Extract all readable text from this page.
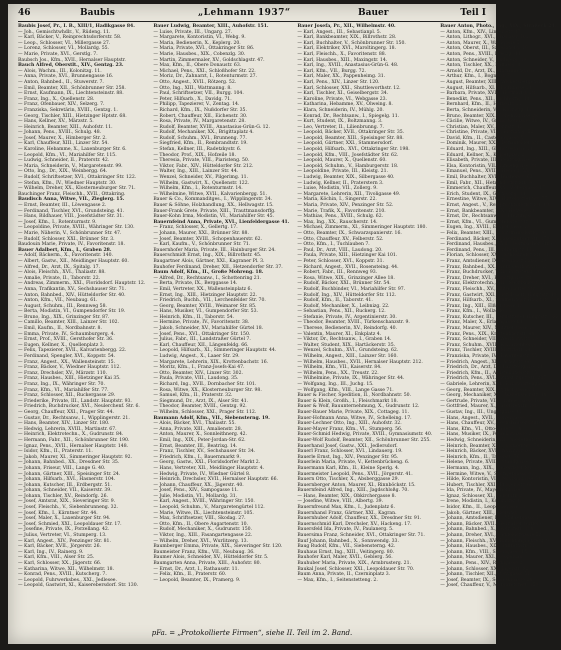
46	Baubis	„Lehmann 1937“	Bauer	Teil I
Baubis Josef, Pr., I. B., XIII/1, Hadikgasse 84.
— Joh., Gemischtwhdlr., V., Rüdeng. 11.
— Karl, Bäcker, V., Reinprechtsdorferstr. 58.
— Leop., Schlosser, VI., Millergasse 27.
— Lorenz, Schlosser, VI., Mollardg. 55.
— Marie, Private, XVI., Gerstlg. 7.
Baubsch Jos., Kfm., XVII., Hernalser Hauptstr.
Bauch Alfred, Oberstlt., XIV., Gentzg. 23.
— Alois, Wachm., III., Kolonitzg. 11.
— Anna, Private, XVI., Brunnengasse 16.
— Anton, Bahnbed., II., Stuwerstr. 7.
— Emil, Beamter, XII., Schönbrunner Str. 258.
— Ernst, Kaufmann, IX., Liechtensteinstr. 88.
— Franz, Ing., X., Quellenstr. 28.
— Franz, Ofenbauer, XIV., Selzerg. 7.
— Franziska, Sekretärin, XVIII., Gentzg. 1.
— Georg, Tischler, XIII., Hietzinger Hptstr. 68.
— Hans, Kellner, XV., Märzstr. 5.
— Heinrich, Beamter, XIII., Auhofstr. 11.
— Johann, Pens., XVIII., Schulg. 48.
— Josef, Maurer, X., Himberger Str. 2.
— Karl, Chauffeur, XIII., Linzer Str. 54.
— Karoline, Hebamme, X., Laxenburger Str. 6.
— Leopold, Kfm., VI., Mariahilfer Str. 115.
— Ludwig, Schneider, II., Praterstr. 42.
— Maria, Schneiderin, V., Margaretenstr. 99.
— Otto, Ing., Dr., XIX., Weinbergg. 64.
— Rudolf, Schriftsetzer, XVI., Ottakringer Str. 122.
— Stefan, Kfm., IV., Wiedner Hauptstr. 30.
— Wilhelm, Dreher, XX., Klosterneuburger Str. 71.
Bauchinger Franz, Fleischh., XVII., Ottakring.
Baudisch Anna, Witwe, VII., Zieglerg. 15.
— Ernst, Beamter, III., Löwengasse 2.
— Ferdinand, Tischler, XVI., Grundsteing. 41.
— Hans, Bildhauer, VIII., Josefstädter Str. 31.
— Josef, Kfm., I., Rotenturmstr. 9.
— Leopoldine, Private, XVIII., Währinger Str. 130.
— Marie, Näherin, V., Schönbrunner Str. 47.
— Rudolf, Schlosser, XXI., Brünner Str. 3.
Baudouin Marie, Private, IV., Favoritenstr. 18.
Bauer Adalbert, Kfm., I., Graben 28.
— Adolf, Bäckerm., X., Favoritenstr. 140.
— Albert, Gastw., XII., Meidlinger Hauptstr. 60.
— Alfred, Dr., Arzt, IX., Spitalg. 17.
— Alois, Fleischh., XVI., Thaliastr. 88.
— Amalie, Private, II., Taborstr. 22.
— Andreas, Zimmerm., XXI., Floridsdorf. Hauptstr. 12.
— Anna, Trafikantin, XV., Sechshauser Str. 71.
— Anton, Bahnbed., XIV., Hütteldorfer Str. 40.
— Anton, Kfm., VII., Neubaug. 61.
— August, Schuhm., III., Rennweg 58.
— Berta, Modistin, VI., Gumpendorfer Str. 19.
— Bruno, Ing., XIX., Grinzinger Str. 87.
— Camillo, Beamter, XIII., Lainzer Str. 102.
— Emil, Kaufm., II., Nordbahnstr. 8.
— Emma, Private, IV., Schaumburgerg. 4.
— Ernst, Prof., XVIII., Gersthofer Str. 36.
— Eugen, Kellner, X., Quellenplatz 3.
— Felix, Tapezierer, XVII., Kalvarienbergg. 22.
— Ferdinand, Spengler, XVI., Koppstr. 54.
— Franz, Angest., XX., Wallensteinstr. 15.
— Franz, Bäcker, V., Wiedner Hauptstr. 112.
— Franz, Drechsler, XV., Märzstr. 110.
— Franz, Hausbes., XIII., Hietzinger Kai 35.
— Franz, Ing., IX., Währinger Str. 70.
— Franz, Kfm., VI., Mariahilfer Str. 77.
— Franz, Schlosser, XII., Ruckergasse 29.
— Friederike, Private, III., Landstr. Hauptstr. 93.
— Friedrich, Buchdrucker, XVI., Neulerchenf. Str. 6.
— Georg, Chauffeur, XXI., Prager Str. 44.
— Gustav, Dr., Rechtsanw., I., Wipplingerstr. 21.
— Hans, Beamter, XIV., Linzer Str. 180.
— Hedwig, Lehrerin, XVIII., Martinstr. 67.
— Heinrich, Elektrotechn., X., Gudrunstr. 84.
— Hermann, Fabr., XII., Schönbrunner Str. 190.
— Ignaz, Pens., XVII., Hernalser Hauptstr. 148.
— Isidor, Kfm., II., Praterstr. 11.
— Jakob, Maurer, XI., Simmeringer Hauptstr. 92.
— Johann, Bahnbed., XX., Dresdner Str. 35.
— Johann, Friseur, VIII., Lange G. 40.
— Johann, Gärtner, XIII., Speisinger Str. 24.
— Johann, Hilfsarb., XVI., Hasnerstr. 104.
— Johann, Kutscher, III., Erdbergstr. 51.
— Johann, Schneider, VII., Kaiserstr. 39.
— Johann, Tischler, XV., Reindorfg. 26.
— Josef, Amtsrat, XIX., Sieveringer Str. 9.
— Josef, Fleischh., V., Siebenbrunneng. 32.
— Josef, Kfm., I., Kärntner Str. 44.
— Josef, Maler, X., Laxenburger Str. 94.
— Josef, Schmied, XXI., Leopoldauer Str. 17.
— Josefine, Private, IX., Porzellang. 42.
— Julius, Vertreter, VI., Stumperg. 13.
— Karl, Angest., XIV., Penzinger Str. 81.
— Karl, Bäcker, XVII., Jörgerstr. 26.
— Karl, Ing., IV., Rainerg. 9.
— Karl, Kfm., VIII., Alser Str. 25.
— Karl, Schlosser, XX., Jägerstr. 66.
— Katharina, Witwe, XII., Wilhelmstr. 18.
— Konrad, Pens., XVIII., Kutscherg. 7.
— Leopold, Fuhrwerksbes., XXI., Jedlesee.
— Leopold, Gastwirt, XI., Kaiserebersdorf. Str. 130.
Bauer Ludwig, Beamter, XIII., Auhofstr. 151.
— Luise, Private, III., Ungarg. 27.
— Margarete, Kontoristin, VI., Webg. 9.
— Maria, Bedienerin, X., Keplerg. 20.
— Maria, Private, XVI., Ottakringer Str. 86.
— Marie, Hausbes., XIX., Cobenzlg. 30.
— Martin, Zimmermaler, XV., Goldschlagstr. 47.
— Max, Kfm., II., Obere Donaustr. 63.
— Michael, Pens., XXI., Schloßhofer Str. 22.
— Moriz, Dr., Zahnarzt, I., Rotenturmstr. 27.
— Otto, Angest., XVII., Rötzerg. 52.
— Otto, Ing., XIII., Wattmanng. 8.
— Paul, Schriftsetzer, VII., Burgg. 104.
— Peter, Hilfsarb., X., Davidg. 71.
— Philipp, Tapezierer, V., Zentag. 14.
— Richard, Kfm., IX., Nußdorfer Str. 35.
— Robert, Chauffeur, XII., Eichenstr. 30.
— Rosa, Private, IV., Margaretenstr. 28.
— Rudolf, Beamter, XVIII., Anastasius-Grün-G. 12.
— Rudolf, Mechaniker, XX., Brigittaplatz 4.
— Rudolf, Schuhm., XVI., Brunneng. 77.
— Siegfried, Kfm., II., Rembrandtstr. 19.
— Stefan, Kellner, III., Radetzkystr. 6.
— Theodor, Prof., XIX., Hofzeile 18.
— Theresia, Private, VIII., Piaristeng. 50.
— Viktor, Fabr., XIV., Hütteldorfer Str. 212.
— Walter, Ing., XIII., Lainzer Str. 44.
— Wenzel, Schneider, XV., Pilgerimg. 11.
— Wilhelm, Gastwirt, X., Quellenstr. 122.
— Wilhelm, Kfm., I., Rotenturmstr. 14.
— Wilhelmine, Witwe, XVII., Kalvarienbergg. 51.
Bauer & Co., Kommanditges., I., Wipplingerstr. 34.
Bauer & Söhne, Holzhandlung, XX., Hellwagstr. 15.
Bauer-Frank Grete, Private, XIII., Trauttmansdorffg.
Bauer-Kohn Irma, Modistin, VI., Mariahilfer Str. 45.
Bauernfeind Anna, Private, XVI., Lienfeldergasse 41.
— Franz, Schlosser, X., Gellertg. 17.
— Johann, Maurer, XXI., Brünner Str. 88.
— Josef, Beamter, XVIII., Schopenhauerstr. 62.
— Karl, Kaufm., V., Schönbrunner Str. 71.
Bauernhofer Maria, Private, III., Hainburger Str. 24.
Bauerschmidt Ernst, Ing., XIX., Billrothstr. 45.
Baugartner Alois, Gärtner, XXI., Kagraner Pl. 3.
Bauhofer Ferdinand, Dreher, XII., Hetzendorfer Str. 37.
Baum Adolf, Kfm., II., Große Mohreng. 18.
— Alfred, Dr., Rechtsanw., I., Schottenring 21.
— Berta, Private, IX., Berggasse 14.
— Emil, Vertreter, XX., Wallensteinplatz 6.
— Ernst, Ing., XIII., Hietzinger Hauptstr. 22.
— Friedrich, Buchh., VII., Lerchenfelder Str. 70.
— Georg, Beamter, XVIII., Weimarer Str. 85.
— Hans, Musiker, VI., Gumpendorfer Str. 53.
— Heinrich, Kfm., II., Taborstr. 54.
— Hermine, Private, IV., Favoritenstr. 38.
— Jakob, Schneider, XV., Mariahilfer Gürtel 18.
— Josef, Pens., XVI., Ottakringer Str. 150.
— Julius, Fabr., III., Landstraßer Gürtel 7.
— Karl, Chauffeur, XII., Längenfeldg. 66.
— Leopold, Hilfsarb., XI., Simmeringer Hauptstr. 44.
— Ludwig, Angest., X., Laaer Str. 29.
— Margarete, Lehrerin, XIX., Krottenbachstr. 16.
— Moritz, Kfm., I., Franz-Josefs-Kai 47.
— Otto, Beamter, XIV., Linzer Str. 302.
— Paula, Private, VIII., Laudong. 35.
— Richard, Ing., XVII., Dornbacher Str. 101.
— Rosa, Witwe, XX., Klosterneuburger Str. 98.
— Samuel, Kfm., II., Praterstr. 32.
— Siegmund, Dr., Arzt, IX., Alser Str. 41.
— Theodor, Beamter, XVIII., Gentzg. 92.
— Wilhelm, Schlosser, XXI., Prager Str. 112.
Baumann Adolf, Kfm., VII., Siebensterng. 19.
— Alois, Bäcker, XVI., Thaliastr. 55.
— Anna, Private, XIII., Amalienstr. 28.
— Anton, Maurer, X., Sonnleithnerg. 42.
— Emil, Ing., XIX., Peter-Jordan-Str. 62.
— Ernst, Beamter, III., Beatrixg. 14.
— Franz, Tischler, XV., Sechshauser Str. 34.
— Friedrich, Kfm., I., Bauernmarkt 9.
— Georg, Gastw., XXI., Floridsdorfer Markt 2.
— Hans, Vertreter, XII., Meidlinger Hauptstr. 4.
— Hedwig, Private, IV., Wiedner Gürtel 8.
— Heinrich, Drechsler, XVII., Hernalser Hauptstr. 66.
— Johann, Chauffeur, XX., Jägerstr. 40.
— Josef, Pens., XIV., Sampogasse 11.
— Julie, Modistin, VI., Mollardg. 31.
— Karl, Angest., XVIII., Währinger Str. 150.
— Leopold, Schuhm., V., Margaretengürtel 112.
— Marie, Witwe, IX., Liechtensteinstr. 105.
— Max, Schriftsetzer, VIII., Skodag. 27.
— Otto, Kfm., II., Obere Augartenstr. 10.
— Rudolf, Mechaniker, X., Gudrunstr. 150.
— Viktor, Ing., XIII., Fasangartengasse 22.
— Wilhelm, Dreher, XVI., Wurlitzerg. 13.
Baumberger Emma, Private, XIX., Sieveringer Str. 120.
Baumeister Franz, Kfm., VII., Neubaug. 36.
Baumer Alois, Schneider, XV., Hütteldorfer Str. 5.
Baumgarten Anna, Private, XIII., Auhofstr. 80.
— Ernst, Dr., Arzt, I., Rathausstr. 11.
— Felix, Kfm., II., Praterstr. 60.
— Leopold, Beamter, IX., Pramerg. 9.
Bauer Josefa, Pr., XII., Wilhelmstr. 40.
— Karl, Angest., III., Sebastianpl. 5.
— Karl, Bankbeamter, XIX., Billrothstr. 28.
— Karl, Buchhalter, V., Schönbrunner Str. 150.
— Karl, Elektriker, XVI., Maroltingerg. 18.
— Karl, Fleischh., X., Favoritenstr. 88.
— Karl, Hausbes., XIII., Maxingstr. 14.
— Karl, Ing., XVIII., Anastasius-Grün-G. 48.
— Karl, Kfm., VII., Burgg. 72.
— Karl, Maler, XX., Pappenheimg. 31.
— Karl, Pens., XIV., Linzer Str. 120.
— Karl, Schlosser, XXI., Shuttleworthstr. 12.
— Karl, Tischler, XI., Geiselbergstr. 34.
— Karoline, Private, VI., Webgasse 23.
— Katharina, Hebamme, XV., Ölweing. 8.
— Klara, Schneiderin, IV., Mühlg. 20.
— Konrad, Dr., Rechtsanw., I., Spiegelg. 11.
— Kurt, Student, IX., Boltzmanng. 3.
— Leo, Vertreter, II., Lilienbrunng. 7.
— Leopold, Bäcker, XVII., Ottakringer Str. 35.
— Leopold, Beamter, XIII., Speisinger Str. 88.
— Leopold, Gärtner, XXI., Stammersdorf.
— Leopold, Hilfsarb., XVI., Ottakringer Str. 198.
— Leopold, Kfm., VIII., Josefstädter Str. 62.
— Leopold, Maurer, X., Quellenstr. 60.
— Leopold, Schuhm., V., Hamburgerstr. 18.
— Leopoldine, Private, III., Kleistg. 21.
— Ludwig, Beamter, XIX., Silbergasse 40.
— Ludwig, Kellner, II., Praterstern 3.
— Luise, Modistin, VII., Zollerg. 9.
— Margarete, Lehrerin, XII., Tivoligasse 49.
— Maria, Köchin, I., Singerstr. 22.
— Maria, Private, XIV., Penzinger Str. 52.
— Marie, Trafik, X., Favoritenstr. 210.
— Mathias, Pens., XVIII., Schulg. 62.
— Max, Ing., XX., Rauscherstr. 14.
— Michael, Zimmerm., XI., Simmeringer Hauptstr. 180.
— Otto, Beamter, IX., Schwarzspanierstr. 16.
— Otto, Chauffeur, XV., Felberstr. 52.
— Otto, Kfm., I., Tuchlauben 7.
— Paul, Dr., Arzt, VIII., Laudong. 20.
— Paula, Private, XIII., Hietzinger Kai 101.
— Peter, Schlosser, XVI., Koppstr. 31.
— Richard, Angest., XVII., Rosensteing. 44.
— Robert, Fabr., III., Rennweg 93.
— Rosa, Witwe, XIX., Grinzinger Allee 18.
— Rudolf, Bäcker, XXI., Brünner Str. 54.
— Rudolf, Buchbinder, VI., Mariahilfer Str. 97.
— Rudolf, Ing., XIV., Hütteldorfer Str. 112.
— Rudolf, Kfm., II., Taborstr. 41.
— Rudolf, Mechaniker, X., Leibnizg. 22.
— Sebastian, Pens., XII., Ruckerg. 12.
— Stefanie, Private, IV., Argentinierstr. 30.
— Theodor, Beamter, XVIII., Türkenschanzstr. 9.
— Therese, Bedienerin, XV., Reindorfg. 40.
— Valentin, Maurer, XI., Enkplatz 4.
— Viktor, Dr., Rechtsanw., I., Graben 14.
— Walter, Student, XIX., Hartäckerstr. 35.
— Wenzel, Schuhm., XVI., Grundsteing. 62.
— Wilhelm, Angest., XIII., Lainzer Str. 160.
— Wilhelm, Hausbes., XVII., Hernalser Hauptstr. 212.
— Wilhelm, Kfm., VII., Kaiserstr. 84.
— Wilhelm, Pens., XX., Treustr. 22.
— Wilhelmine, Private, IX., Währinger Str. 44.
— Wolfgang, Ing., III., Juchg. 15.
— Wolfgang, Kfm., VIII., Lange Gasse 71.
Bauer & Fischer, Spedition, II., Nordbahnstr. 50.
Bauer & Klein, Großh., I., Fleischmarkt 18.
Bauer & Wolf, Bauunternehmung, X., Gudrunstr. 12.
Bauer-Bauer Marie, Private, XIX., Cottageg. 11.
Bauer-Hofmann Anna, Witwe, IV., Schelleing. 17.
Bauer-Lechner Otto, Ing., XIII., Auhofstr. 32.
Bauer-Mayer Franz, Kfm., VI., Stumperg. 56.
Bauer-Schmid Hedwig, Private, XVIII., Gymnasiumstr. 40.
Bauer-Wolf Rudolf, Beamter, XII., Schönbrunner Str. 255.
Bauerhansl Josef, Gastw., XXI., Jedlersdorf.
Bauerl Franz, Schlosser, XVI., Lindauerg. 19.
Bauerle Ernst, Ing., XIV., Penzinger Str. 95.
Bauerlein Maria, Private, V., Kettenbrückeng. 6.
Bauermann Karl, Kfm., II., Kleine Sperlg. 4.
Bauermeister Leopold, Pens., XVII., Jörgerstr. 41.
Bauern Otto, Tischler, X., Absberggasse 29.
Bauernberger Anton, Maurer, XI., Rinnböckstr. 15.
Bauernfeind Alfred, Ing., XIII., Jagdschloßg. 70.
— Hans, Beamter, XIX., Obkirchergasse 8.
— Josefine, Witwe, VIII., Albertg. 39.
Bauernfreund Max, Kfm., I., Judenplatz 6.
Bauernhansl Franz, Gärtner, XXI., Kagran.
Bauernhuber Adolf, Chauffeur, XX., Dresdner Str. 91.
Bauernschmid Karl, Drechsler, XV., Hackeng. 17.
Bauersfeld Ida, Private, IV., Paulanerg. 5.
Bauersima Franz, Schneider, XVI., Ottakringer Str. 71.
Bauf Johann, Bahnbed., X., Sonnwendg. 33.
Baug Rudolf, Kfm., VII., Siebensterng. 42.
Bauhaus Ernst, Ing., XIII., Veitingerg. 80.
Bauhofer Karl, Maler, XVII., Geblerg. 56.
Bauhuber Maria, Private, XIX., Armbrusterg. 21.
Baukal Josef, Schlosser, XXI., Leopoldauer Str. 70.
Baum Anna, Private, II., Czerninplatz 3.
— Max, Kfm., I., Seitenstetteng. 2.
Bauer Anton, Photo., Ing., XIX., Straßeck 24.
— Anton, Kfm., XIV., Linzer Str. 47.
— Anton, Lithogr., XVI., Thaliastr. 162.
— Anton, Maurer, X., Waldgasse 5.
— Anton, Oberst, III., Salesianerg. 10.
— Anton, Pens., XVIII., Kreuzg. 44.
— Anton, Schneider, V., Rüdigerg. 19.
— Anton, Tischler, XX., Raffaelg. 8.
— Arnold, Dr., Arzt, IX., Mariannengasse 11.
— Arthur, Kfm., I., Bognerg. 7.
— August, Beamter, XIII., Wolkersbergenstr. 30.
— August, Hilfsarb., XI., Hauffgasse 24.
— Barbara, Private, XVII., Hormayrg. 28.
— Benedikt, Pens., XII., Aichhorng. 18.
— Bernhard, Kfm., II., Heinestr. 21.
— Berta, Schneiderin, VI., Kaunitzg. 12.
— Bruno, Beamter, XIX., Cobenzlgasse 28.
— Cäcilie, Witwe, IV., Große Neugasse 36.
— Christian, Maler, XV., Johnstr. 40.
— Christine, Private, VIII., Florianig. 52.
— David, Kfm., II., Castellezgasse 5.
— Dominik, Maurer, XXI., Donaufelder Str. 50.
— Eduard, Ing., XIII., Gloriettegasse 14.
— Eduard, Kellner, X., Keplerplatz 2.
— Elisabeth, Private, III., Beatrixgasse 25.
— Elsa, Kontoristin, VII., Lindengasse 38.
— Emanuel, Pens., XVIII., Hockeg. 55.
— Emil, Buchhalter, XVI., Hasnerstr. 63.
— Emil, Fabr., XII., Hetzendorfer Str. 96.
— Emmerich, Chauffeur, XX., Webergasse 17.
— Erich, Student, IX., Garnisong. 14.
— Ernestine, Witwe, XIV., Hütteldorfer Str. 77.
— Ernst, Angest., V., Reinprechtsdorfer Str. 40.
— Ernst, Bankbeamter, XIX., Hofzeile 24.
— Ernst, Dr., Rechtsanw., I., Freyung 6.
— Ernst, Kfm., VI., Gumpendorfer Str. 111.
— Eugen, Ing., XVIII., Eckpergasse 19.
— Felix, Beamter, XIII., Trauttmansdorffg. 36.
— Ferdinand, Bäcker, X., Laxenburger Str. 170.
— Ferdinand, Hausbes., XVII., Dornbacher Str. 63.
— Ferdinand, Pens., III., Erdbergstr. 112.
— Florian, Schlosser, XXI., Schloßhofer Str. 31.
— Franz, Amtsdiener, IX., Rossauer Lände 29.
— Franz, Bahnbed., XX., Nordwestbahnstr. 12.
— Franz, Buchdrucker, VIII., Piaristeng. 26.
— Franz, Dreher, XVI., Haberlgasse 38.
— Franz, Elektrotechn., XII., Steinbauerg. 21.
— Franz, Fleischh., XV., Hütteldorfer Str. 36.
— Franz, Gastwirt, XXI., Floridsdorf. Hauptstr. 40.
— Franz, Hilfsarb., XI., Simmeringer Hauptstr. 230.
— Franz, Ing., XIII., Elßlergasse 12.
— Franz, Kfm., I., Wollzeile 33.
— Franz, Kutscher, III., Landstraßer Hauptstr. 160.
— Franz, Maler, X., Erlachgasse 64.
— Franz, Maurer, XIV., Matznergasse 18.
— Franz, Pens., XIX., Krottenbachstr. 48.
— Franz, Schneider, VII., Westbahnstr. 19.
— Franz, Schuhm., XVII., Kalvarienbergg. 67.
— Franz, Tischler, XVIII., Martinstr. 24.
— Franziska, Private, IV., Favoritenstr. 55.
— Friedrich, Angest., XII., Arndtstr. 66.
— Friedrich, Dr., Arzt, IX., Lazarettgasse 14.
— Friedrich, Kfm., II., Ausstellungsstr. 35.
— Friedrich, Pens., XVI., Ottakringer Str. 237.
— Gabriele, Lehrerin, XIII., Fasangartengasse 70.
— Georg, Beamter, XIX., Pyrkergasse 21.
— Georg, Mechaniker, XX., Wallensteinstr. 48.
— Gertrude, Private, VIII., Lange Gasse 16.
— Gottfried, Maurer, X., Favoritenstr. 180.
— Gustav, Ing., III., Ungargasse 41.
— Hans, Angest., XVII., Rötzergasse 37.
— Hans, Chauffeur, XV., Sechshauser Gürtel 11.
— Hans, Kfm., VI., Otto-Bauer-G. 8.
— Hans, Musiker, IX., Porzellangasse 20.
— Hedwig, Schneiderin, XII., Niederhofstr. 33.
— Heinrich, Beamter, XIII., Lainzer Str. 70.
— Heinrich, Bäcker, XVI., Wurlitzergasse 66.
— Heinrich, Kfm., II., Taborstr. 76.
— Helene, Private, XVIII., Staudgasse 15.
— Hermann, Ing., XIX., Sieveringer Str. 33.
— Hermine, Witwe, V., Spengergasse 42.
— Hilde, Kontoristin, VII., Neubaugasse 54.
— Hubert, Tischler, XXI., Prager Str. 66.
— Ida, Private, IV., Mayerhofgasse 9.
— Ignaz, Schlosser, XI., Leberstr. 23.
— Irene, Modistin, I., Kohlmarkt 4.
— Isidor, Kfm., II., Leopoldsgasse 31.
— Jakob, Gärtner, XIII., Speising.
— Johann, Amtsdiener, III., Marxergasse 17.
— Johann, Bäcker, XVII., Hernalser Gürtel 6.
— Johann, Bahnbed., X., Gudrunstr. 118.
— Johann, Dreher, XVI., Lienfeldergasse 52.
— Johann, Fleischh., XV., Rauchfangkehrerg. 9.
— Johann, Hausbes., XIX., Billrothstr. 71.
— Johann, Kfm., VIII., Skodagasse 15.
— Johann, Maurer, XXI., Leopoldau.
— Johann, Pens., XIV., Reinlgasse 23.
— Johann, Schlosser, XX., Jägerstr. 92.
— Johann, Tischler, XII., Bonygasse 51.
— Josef, Beamter, IX., Sobieskigasse 28.
— Josef, Chauffeur, V., Margaretenstr. 150.
pFa. = „Protokollierte Firmen“, siehe II. Teil im 2. Band.
